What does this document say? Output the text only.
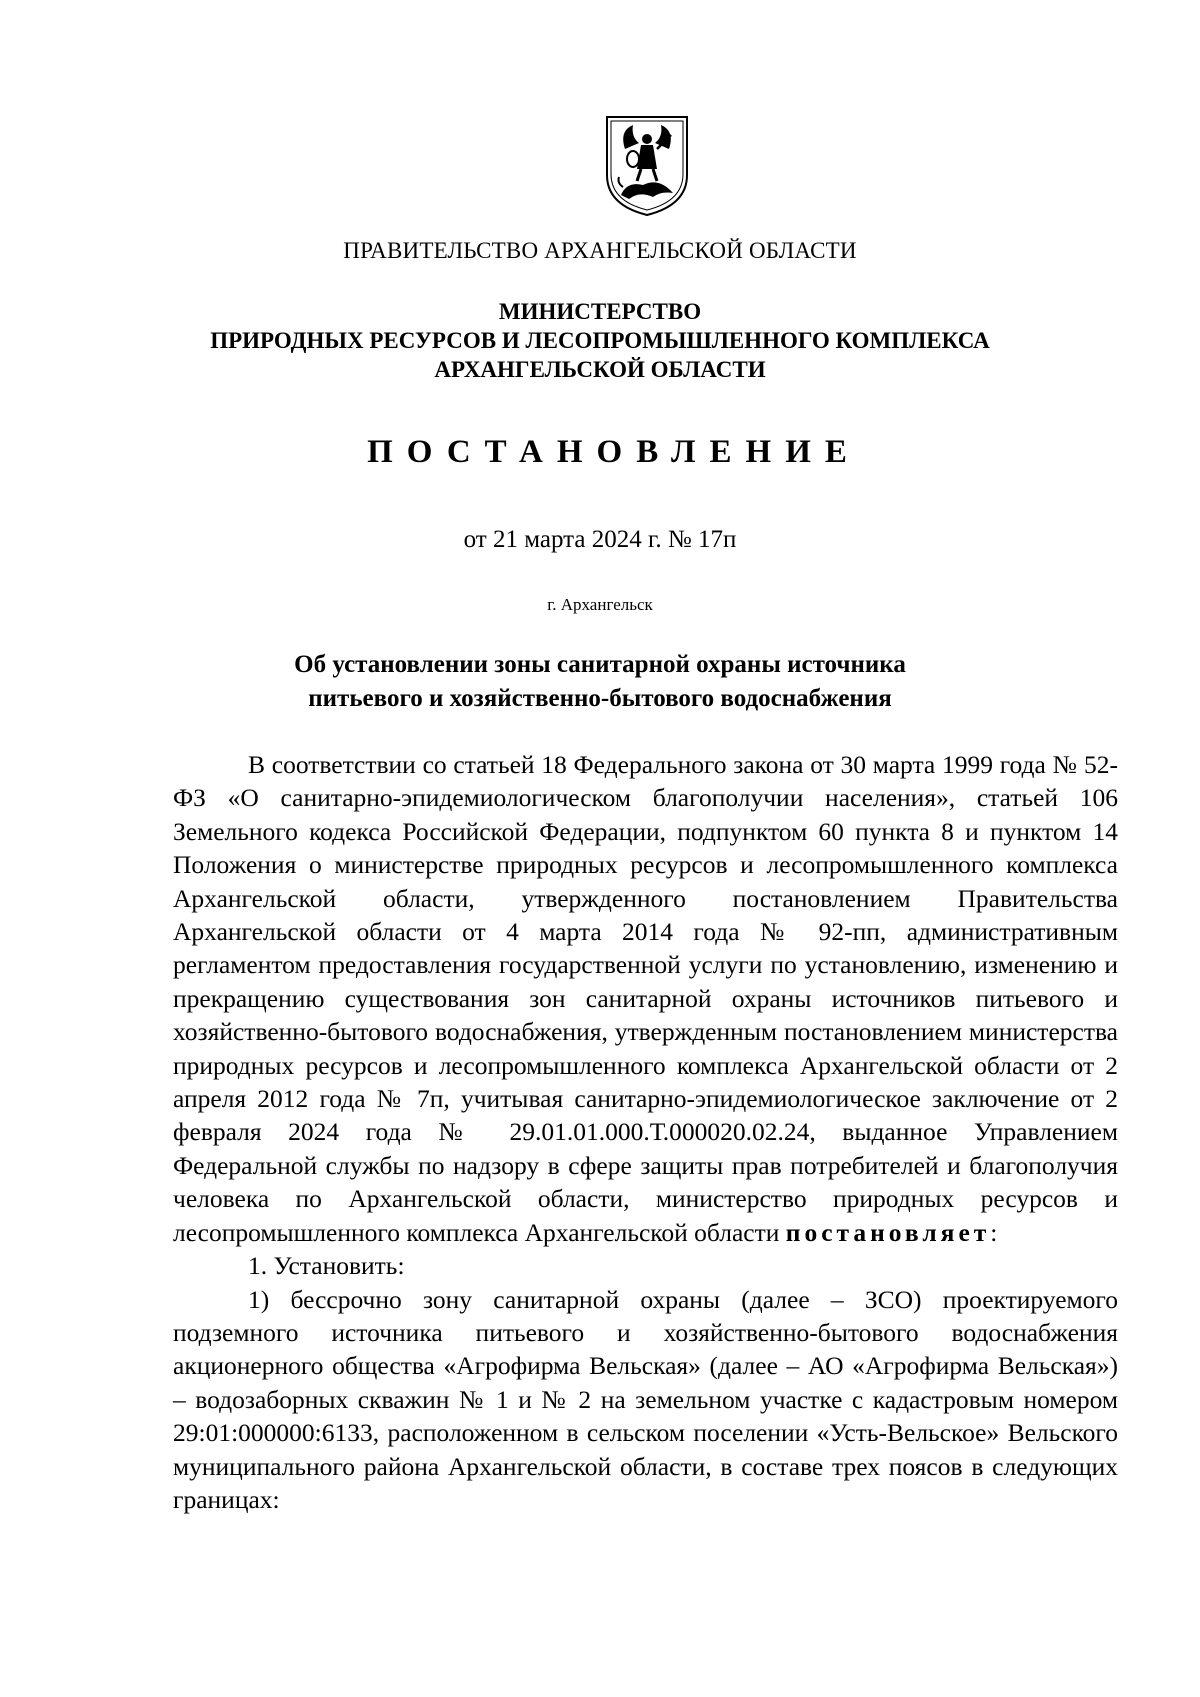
ПРАВИТЕЛЬСТВО АРХАНГЕЛЬСКОЙ ОБЛАСТИ
МИНИСТЕРСТВО
ПРИРОДНЫХ РЕСУРСОВ И ЛЕСОПРОМЫШЛЕННОГО КОМПЛЕКСА
АРХАНГЕЛЬСКОЙ ОБЛАСТИ
ПОСТАНОВЛЕНИЕ
от 21 марта 2024 г. № 17п
г. Архангельск
Об установлении зоны санитарной охраны источника
питьевого и хозяйственно-бытового водоснабжения

В соответствии со статьей 18 Федерального закона от 30 марта 1999 года № 52-ФЗ «О санитарно-эпидемиологическом благополучии населения», статьей 106 Земельного кодекса Российской Федерации, подпунктом 60 пункта 8 и пунктом 14 Положения о министерстве природных ресурсов и лесопромышленного комплекса Архангельской области, утвержденного постановлением Правительства Архангельской области от 4 марта 2014 года № 92-пп, административным регламентом предоставления государственной услуги по установлению, изменению и прекращению существования зон санитарной охраны источников питьевого и хозяйственно-бытового водоснабжения, утвержденным постановлением министерства природных ресурсов и лесопромышленного комплекса Архангельской области от 2 апреля 2012 года № 7п, учитывая санитарно-эпидемиологическое заключение от 2 февраля 2024 года № 29.01.01.000.Т.000020.02.24, выданное Управлением Федеральной службы по надзору в сфере защиты прав потребителей и благополучия человека по Архангельской области, министерство природных ресурсов и лесопромышленного комплекса Архангельской области постановляет:

1. Установить:

1) бессрочно зону санитарной охраны (далее – ЗСО) проектируемого подземного источника питьевого и хозяйственно-бытового водоснабжения акционерного общества «Агрофирма Вельская» (далее – АО «Агрофирма Вельская») – водозаборных скважин № 1 и № 2 на земельном участке с кадастровым номером 29:01:000000:6133, расположенном в сельском поселении «Усть-Вельское» Вельского муниципального района Архангельской области, в составе трех поясов в следующих границах:
